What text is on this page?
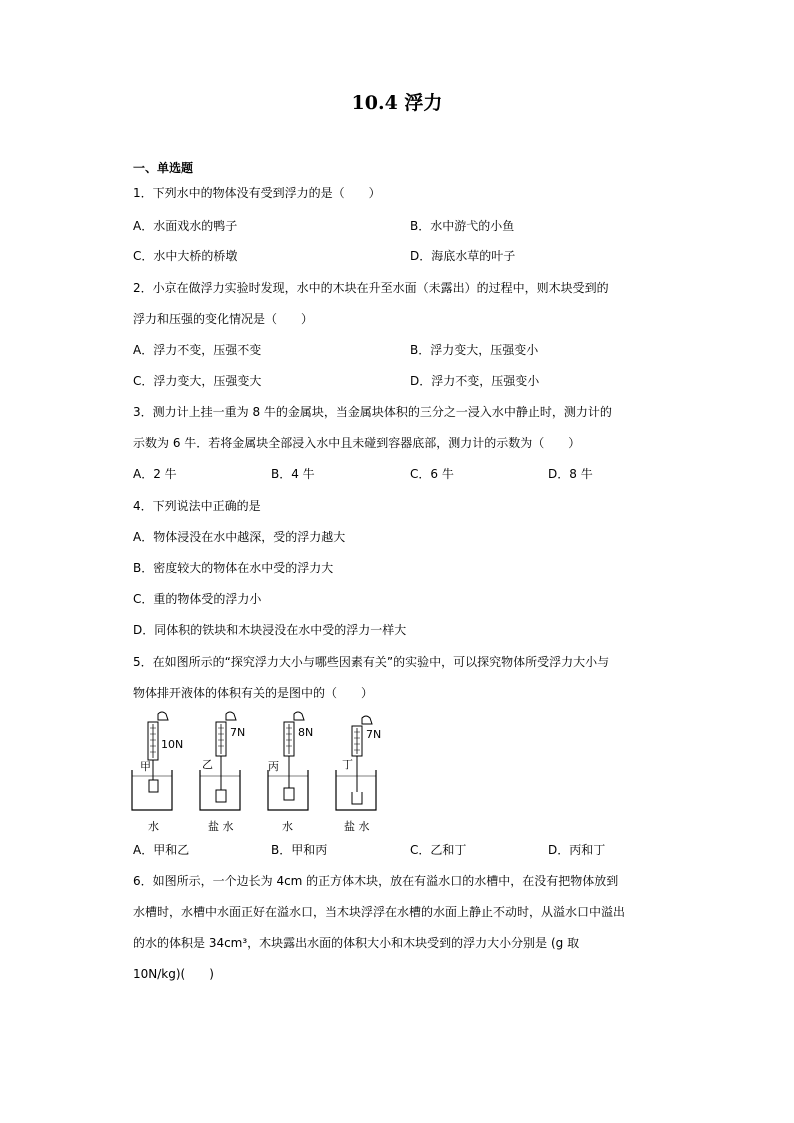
10.4 浮力
一、单选题
1．下列水中的物体没有受到浮力的是（　　）
A．水面戏水的鸭子	B．水中游弋的小鱼
C．水中大桥的桥墩	D．海底水草的叶子
2．小京在做浮力实验时发现，水中的木块在升至水面（未露出）的过程中，则木块受到的
浮力和压强的变化情况是（　　）
A．浮力不变，压强不变	B．浮力变大，压强变小
C．浮力变大，压强变大	D．浮力不变，压强变小
3．测力计上挂一重为 8 牛的金属块，当金属块体积的三分之一浸入水中静止时，测力计的
示数为 6 牛．若将金属块全部浸入水中且未碰到容器底部，测力计的示数为（　　）
A．2 牛	B．4 牛	C．6 牛	D．8 牛
4．下列说法中正确的是
A．物体浸没在水中越深，受的浮力越大
B．密度较大的物体在水中受的浮力大
C．重的物体受的浮力小
D．同体积的铁块和木块浸没在水中受的浮力一样大
5．在如图所示的“探究浮力大小与哪些因素有关”的实验中，可以探究物体所受浮力大小与
物体排开液体的体积有关的是图中的（　　）
10N
甲
水
7N
乙
盐 水
8N
丙
水
7N
丁
盐 水
A．甲和乙	B．甲和丙	C．乙和丁	D．丙和丁
6．如图所示，一个边长为 4cm 的正方体木块，放在有溢水口的水槽中，在没有把物体放到
水槽时，水槽中水面正好在溢水口，当木块浮浮在水槽的水面上静止不动时，从溢水口中溢出
的水的体积是 34cm³，木块露出水面的体积大小和木块受到的浮力大小分别是 (g 取
10N/kg)(　　)
